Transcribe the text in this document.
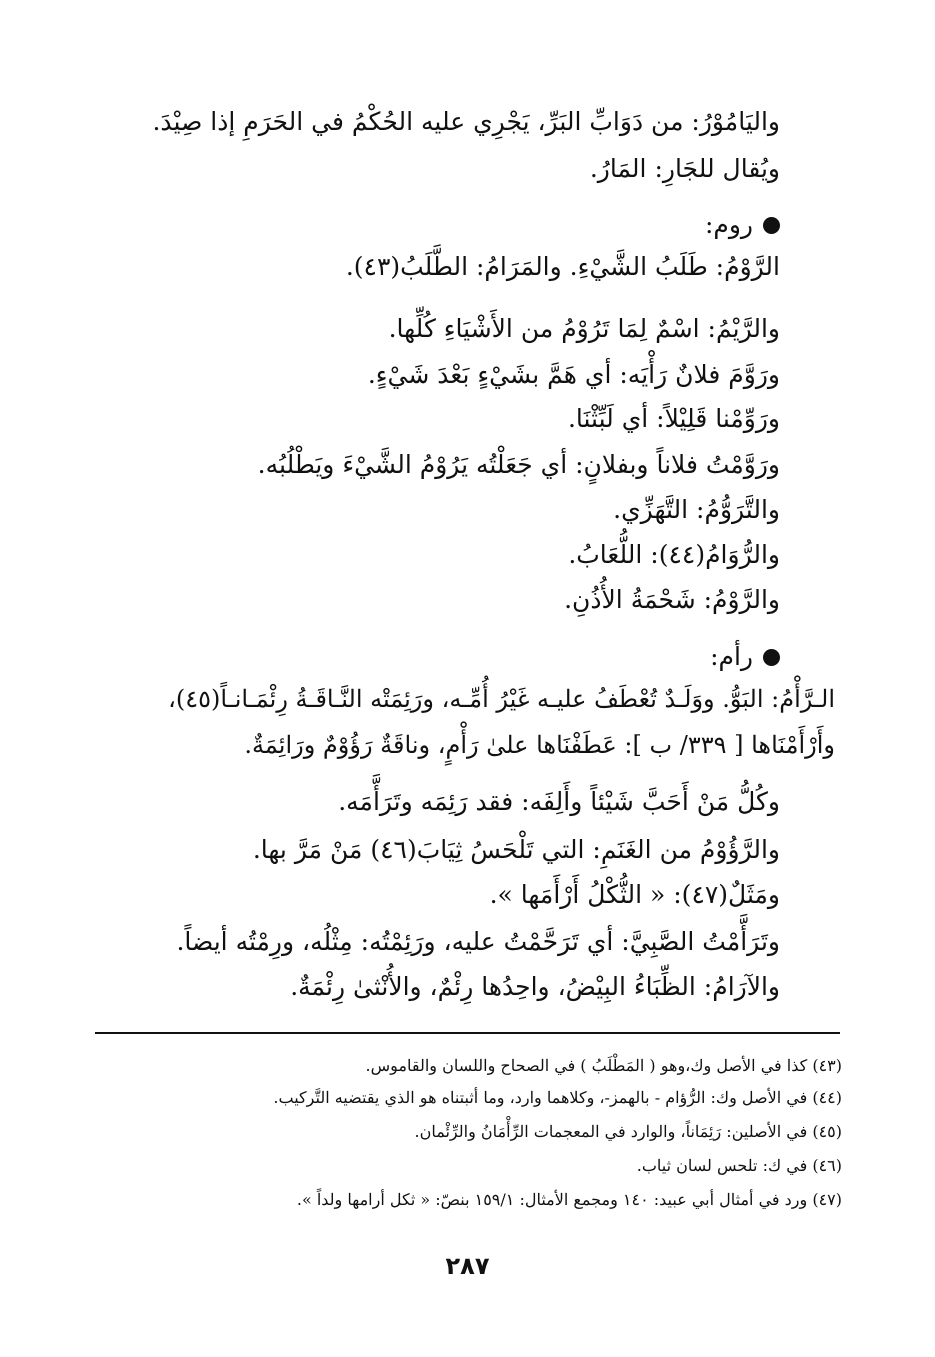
واليَامُوْرُ: من دَوَابِّ البَرِّ، يَجْرِي عليه الحُكْمُ في الحَرَمِ إذا صِيْدَ.
ويُقال للجَارِ: المَارُ.
روم:
الرَّوْمُ: طَلَبُ الشَّيْءِ. والمَرَامُ: الطَّلَبُ(٤٣).
والرَّيْمُ: اسْمٌ لِمَا تَرُوْمُ من الأَشْيَاءِ كُلِّها.
ورَوَّمَ فلانٌ رَأْيَه: أي هَمَّ بشَيْءٍ بَعْدَ شَيْءٍ.
ورَوِّمْنا قَلِيْلاً: أي لَبِّثْنَا.
ورَوَّمْتُ فلاناً وبفلانٍ: أي جَعَلْتُه يَرُوْمُ الشَّيْءَ ويَطْلُبُه.
والتَّرَوُّمُ: التَّهَزِّي.
والرُّوَامُ(٤٤): اللُّعَابُ.
والرَّوْمُ: شَحْمَةُ الأُذُنِ.
رأم:
الـرَّأْمُ: البَوُّ. ووَلَـدٌ تُعْطَفُ عليـه غَيْرُ أُمِّـه، ورَئِمَتْه النَّـاقَـةُ رِئْمَـانـاً(٤٥)،
وأَرْأَمْنَاها [ ٣٣٩/ ب ]: عَطَفْنَاها علىٰ رَأْمٍ، وناقَةٌ رَؤُوْمٌ ورَائِمَةٌ.
وكُلُّ مَنْ أَحَبَّ شَيْئاً وأَلِفَه: فقد رَئِمَه وتَرَأَّمَه.
والرَّؤُوْمُ من الغَنَمِ: التي تَلْحَسُ ثِيَابَ(٤٦) مَنْ مَرَّ بها.
ومَثَلٌ(٤٧): « الثُّكْلُ أَرْأَمَها ».
وتَرَأَّمْتُ الصَّبِيَّ: أي تَرَحَّمْتُ عليه، ورَئِمْتُه: مِثْلُه، ورِمْتُه أيضاً.
والآرَامُ: الظِّبَاءُ البِيْضُ، واحِدُها رِئْمٌ، والأُنْثىٰ رِئْمَةٌ.
(٤٣) كذا في الأصل وك،وهو ( المَطْلَبُ ) في الصحاح واللسان والقاموس.
(٤٤) في الأصل وك: الرُّؤام - بالهمز-، وكلاهما وارد، وما أثبتناه هو الذي يقتضيه التَّركيب.
(٤٥) في الأصلين: رَئِمَاناً، والوارد في المعجمات الرِّأْمَانُ والرِّئْمان.
(٤٦) في ك: تلحس لسان ثياب.
(٤٧) ورد في أمثال أبي عبيد: ١٤٠ ومجمع الأمثال: ١٥٩/١ بنصّ: « ثكل أرامها ولداً ».
٢٨٧
